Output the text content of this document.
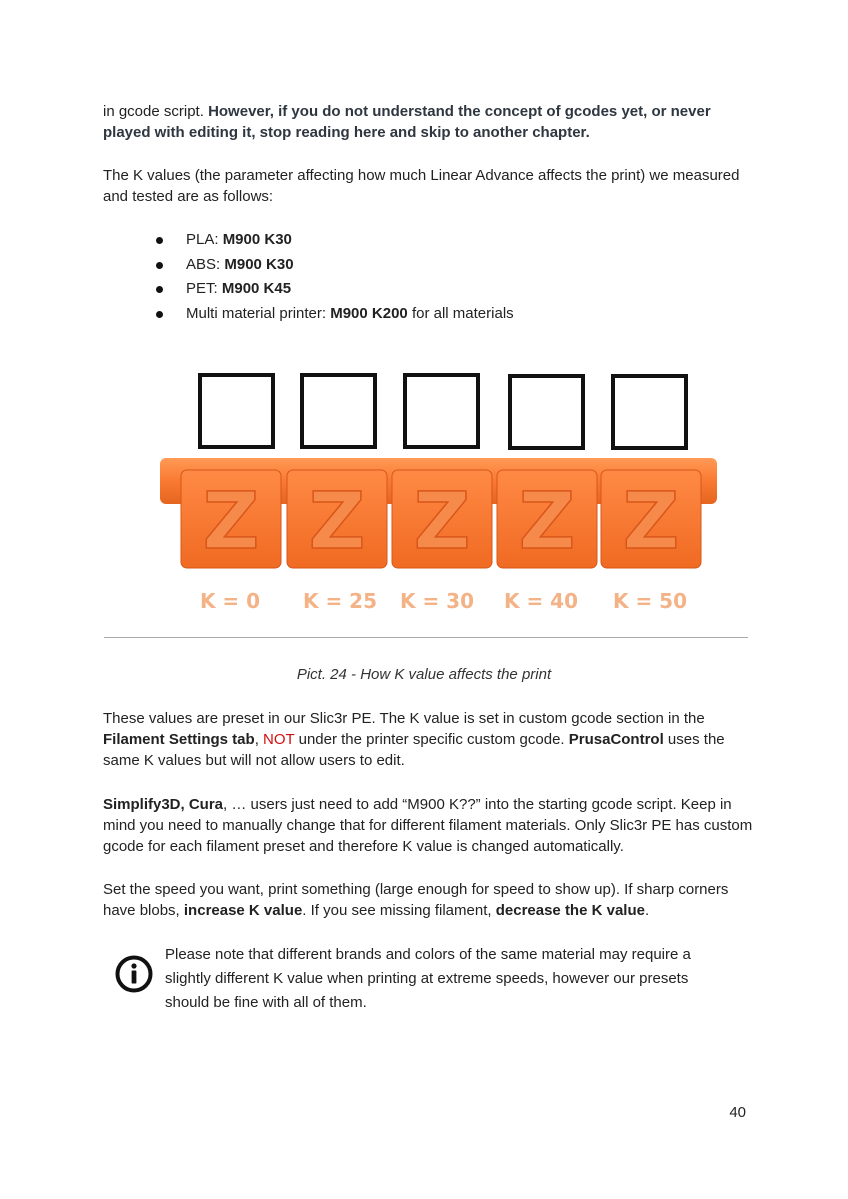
in gcode script. However, if you do not understand the concept of gcodes yet, or never played with editing it, stop reading here and skip to another chapter.

The K values (the parameter affecting how much Linear Advance affects the print) we measured and tested are as follows:

PLA: M900 K30
ABS: M900 K30
PET: M900 K45
Multi material printer: M900 K200 for all materials
Z Z Z Z Z
K = 0 K = 25 K = 30 K = 40 K = 50
Pict. 24 - How K value affects the print

These values are preset in our Slic3r PE. The K value is set in custom gcode section in the Filament Settings tab, NOT under the printer specific custom gcode. PrusaControl uses the same K values but will not allow users to edit.

Simplify3D, Cura, … users just need to add “M900 K??” into the starting gcode script. Keep in mind you need to manually change that for different filament materials. Only Slic3r PE has custom gcode for each filament preset and therefore K value is changed automatically.

Set the speed you want, print something (large enough for speed to show up). If sharp corners have blobs, increase K value. If you see missing filament, decrease the K value.

Please note that different brands and colors of the same material may require a slightly different K value when printing at extreme speeds, however our presets should be fine with all of them.

40
